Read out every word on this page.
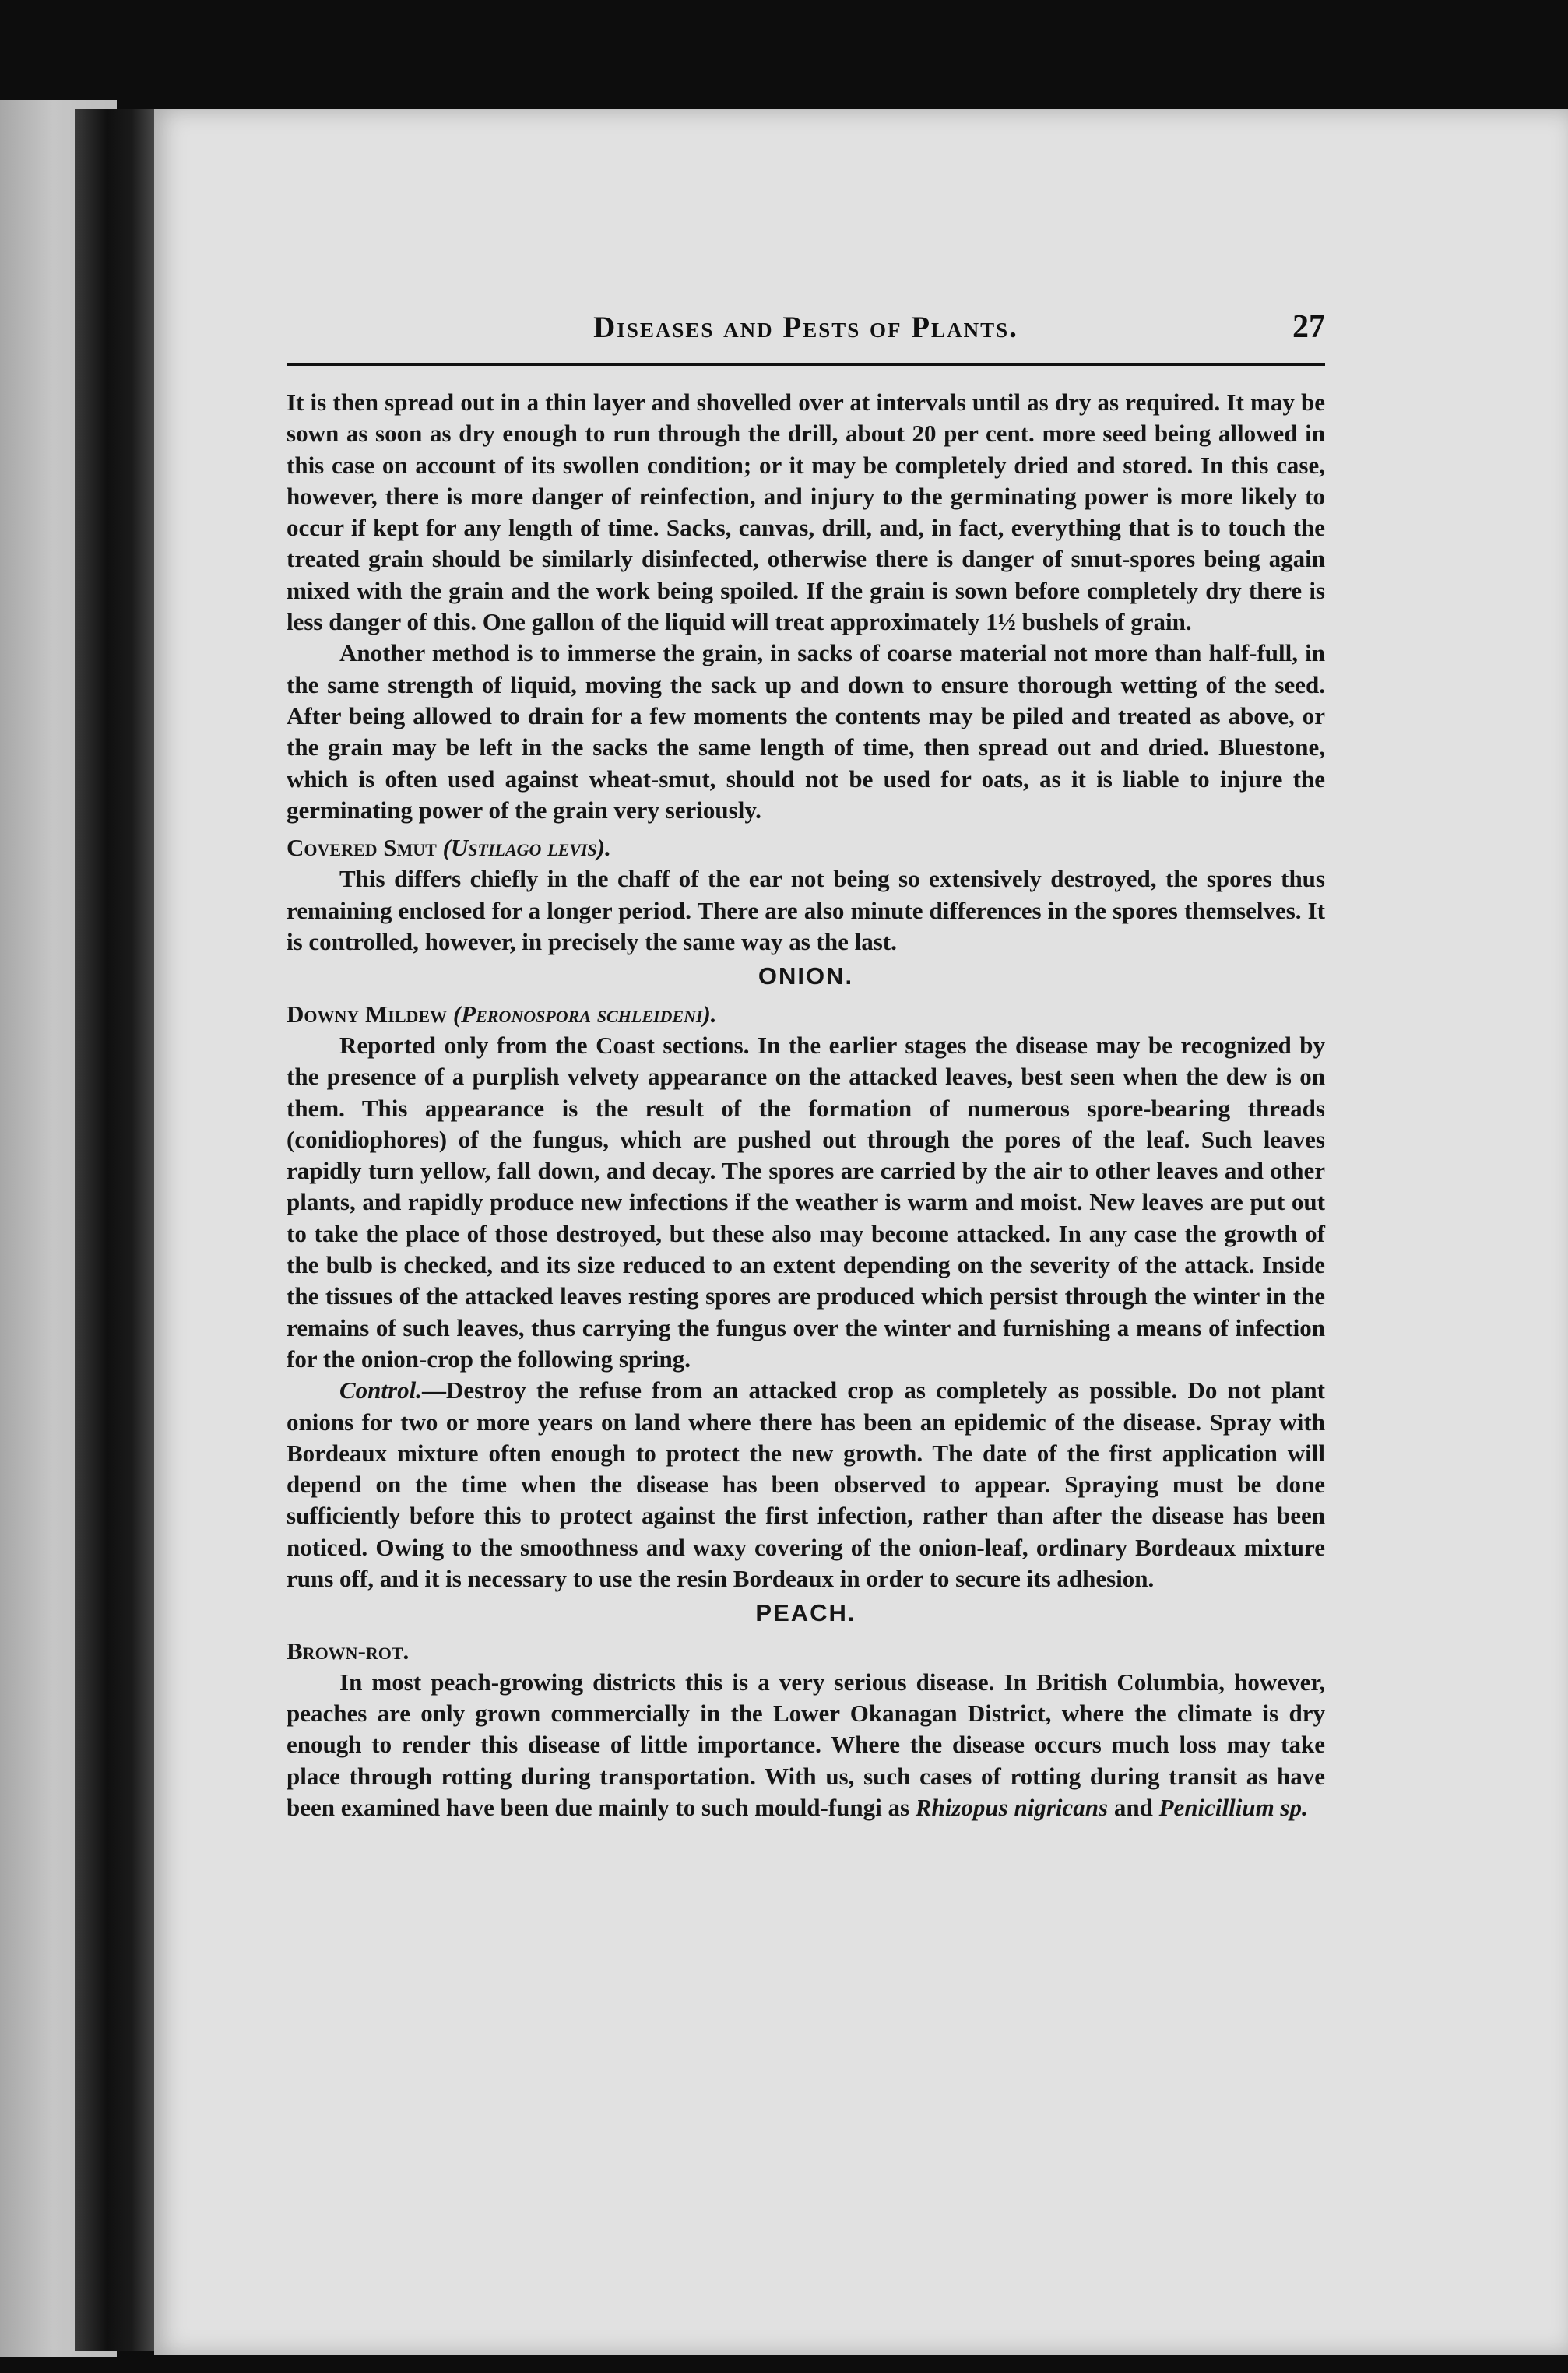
Diseases and Pests of Plants.	27

It is then spread out in a thin layer and shovelled over at intervals until as dry as required. It may be sown as soon as dry enough to run through the drill, about 20 per cent. more seed being allowed in this case on account of its swollen condition; or it may be completely dried and stored. In this case, however, there is more danger of reinfection, and injury to the germinating power is more likely to occur if kept for any length of time. Sacks, canvas, drill, and, in fact, everything that is to touch the treated grain should be similarly disinfected, otherwise there is danger of smut-spores being again mixed with the grain and the work being spoiled. If the grain is sown before completely dry there is less danger of this. One gallon of the liquid will treat approximately 1½ bushels of grain.

Another method is to immerse the grain, in sacks of coarse material not more than half-full, in the same strength of liquid, moving the sack up and down to ensure thorough wetting of the seed. After being allowed to drain for a few moments the contents may be piled and treated as above, or the grain may be left in the sacks the same length of time, then spread out and dried. Bluestone, which is often used against wheat-smut, should not be used for oats, as it is liable to injure the germinating power of the grain very seriously.

Covered Smut (Ustilago levis).

This differs chiefly in the chaff of the ear not being so extensively destroyed, the spores thus remaining enclosed for a longer period. There are also minute differences in the spores themselves. It is controlled, however, in precisely the same way as the last.

ONION.

Downy Mildew (Peronospora schleideni).

Reported only from the Coast sections. In the earlier stages the disease may be recognized by the presence of a purplish velvety appearance on the attacked leaves, best seen when the dew is on them. This appearance is the result of the formation of numerous spore-bearing threads (conidiophores) of the fungus, which are pushed out through the pores of the leaf. Such leaves rapidly turn yellow, fall down, and decay. The spores are carried by the air to other leaves and other plants, and rapidly produce new infections if the weather is warm and moist. New leaves are put out to take the place of those destroyed, but these also may become attacked. In any case the growth of the bulb is checked, and its size reduced to an extent depending on the severity of the attack. Inside the tissues of the attacked leaves resting spores are produced which persist through the winter in the remains of such leaves, thus carrying the fungus over the winter and furnishing a means of infection for the onion-crop the following spring.

Control.—Destroy the refuse from an attacked crop as completely as possible. Do not plant onions for two or more years on land where there has been an epidemic of the disease. Spray with Bordeaux mixture often enough to protect the new growth. The date of the first application will depend on the time when the disease has been observed to appear. Spraying must be done sufficiently before this to protect against the first infection, rather than after the disease has been noticed. Owing to the smoothness and waxy covering of the onion-leaf, ordinary Bordeaux mixture runs off, and it is necessary to use the resin Bordeaux in order to secure its adhesion.

PEACH.

Brown-rot.

In most peach-growing districts this is a very serious disease. In British Columbia, however, peaches are only grown commercially in the Lower Okanagan District, where the climate is dry enough to render this disease of little importance. Where the disease occurs much loss may take place through rotting during transportation. With us, such cases of rotting during transit as have been examined have been due mainly to such mould-fungi as Rhizopus nigricans and Penicillium sp.
